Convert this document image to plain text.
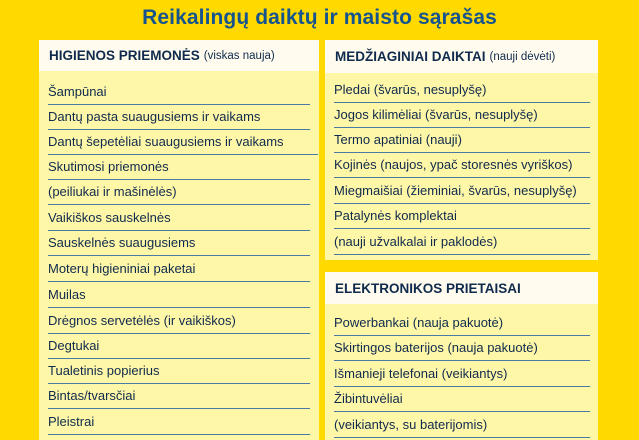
Reikalingų daiktų ir maisto sąrašas
HIGIENOS PRIEMONĖS (viskas nauja)
Šampūnai
Dantų pasta suaugusiems ir vaikams
Dantų šepetėliai suaugusiems ir vaikams
Skutimosi priemonės
(peiliukai ir mašinėlės)
Vaikiškos sauskelnės
Sauskelnės suaugusiems
Moterų higieniniai paketai
Muilas
Drėgnos servetėlės (ir vaikiškos)
Degtukai
Tualetinis popierius
Bintas/tvarsčiai
Pleistrai
MEDŽIAGINIAI DAIKTAI (nauji dėvėti)
Pledai (švarūs, nesuplyšę)
Jogos kilimėliai (švarūs, nesuplyšę)
Termo apatiniai (nauji)
Kojinės (naujos, ypač storesnės vyriškos)
Miegmaišiai (žieminiai, švarūs, nesuplyšę)
Patalynės komplektai
(nauji užvalkalai ir paklodės)
ELEKTRONIKOS PRIETAISAI
Powerbankai (nauja pakuotė)
Skirtingos baterijos (nauja pakuotė)
Išmanieji telefonai (veikiantys)
Žibintuvėliai
(veikiantys, su baterijomis)
